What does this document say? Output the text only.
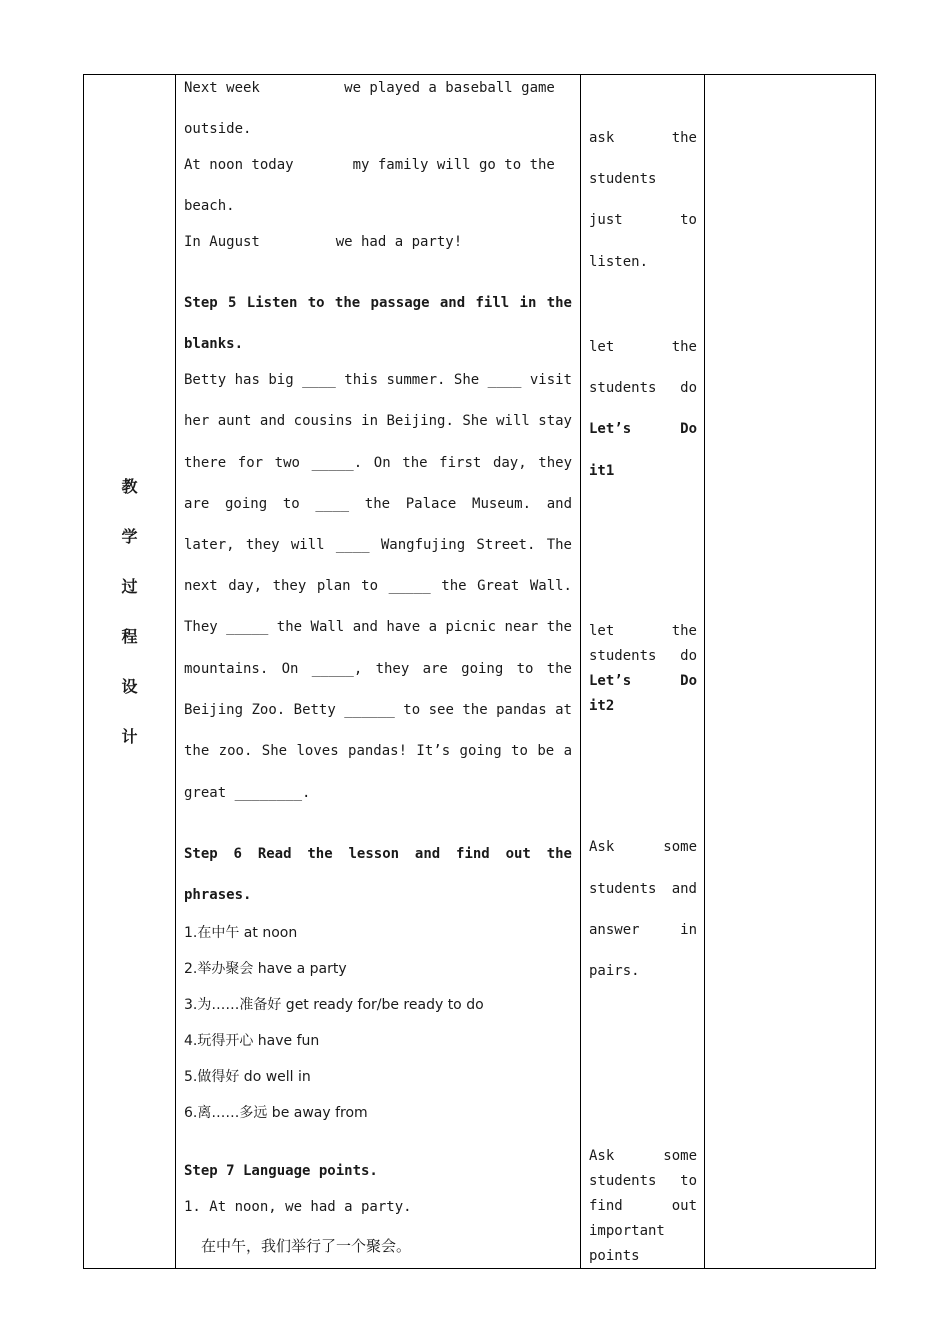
教
学
过
程
设
计
Next week          we played a baseball game
outside.
At noon today       my family will go to the
beach.
In August         we had a party!
Step 5 Listen to the passage and fill in the
blanks.
Betty has big ____ this summer. She ____ visit
her aunt and cousins in Beijing. She will stay
there for two _____. On the first day, they
are going to ____ the Palace Museum. and
later, they will ____ Wangfujing Street. The
next day, they plan to _____ the Great Wall.
They _____ the Wall and have a picnic near the
mountains. On _____, they are going to the
Beijing Zoo. Betty ______ to see the pandas at
the zoo. She loves pandas! It’s going to be a
great ________.
Step 6 Read the lesson and find out the
phrases.
1.在中午 at noon
2.举办聚会 have a party
3.为……准备好 get ready for/be ready to do
4.玩得开心 have fun
5.做得好 do well in
6.离……多远 be away from
Step 7 Language points.
1. At noon, we had a party.
在中午，我们举行了一个聚会。
ask the
students
just to
listen.
let the
students do
Let’s Do
it1
let the
students do
Let’s Do
it2
Ask some
students and
answer in
pairs.
Ask some
students to
find out
important
points
